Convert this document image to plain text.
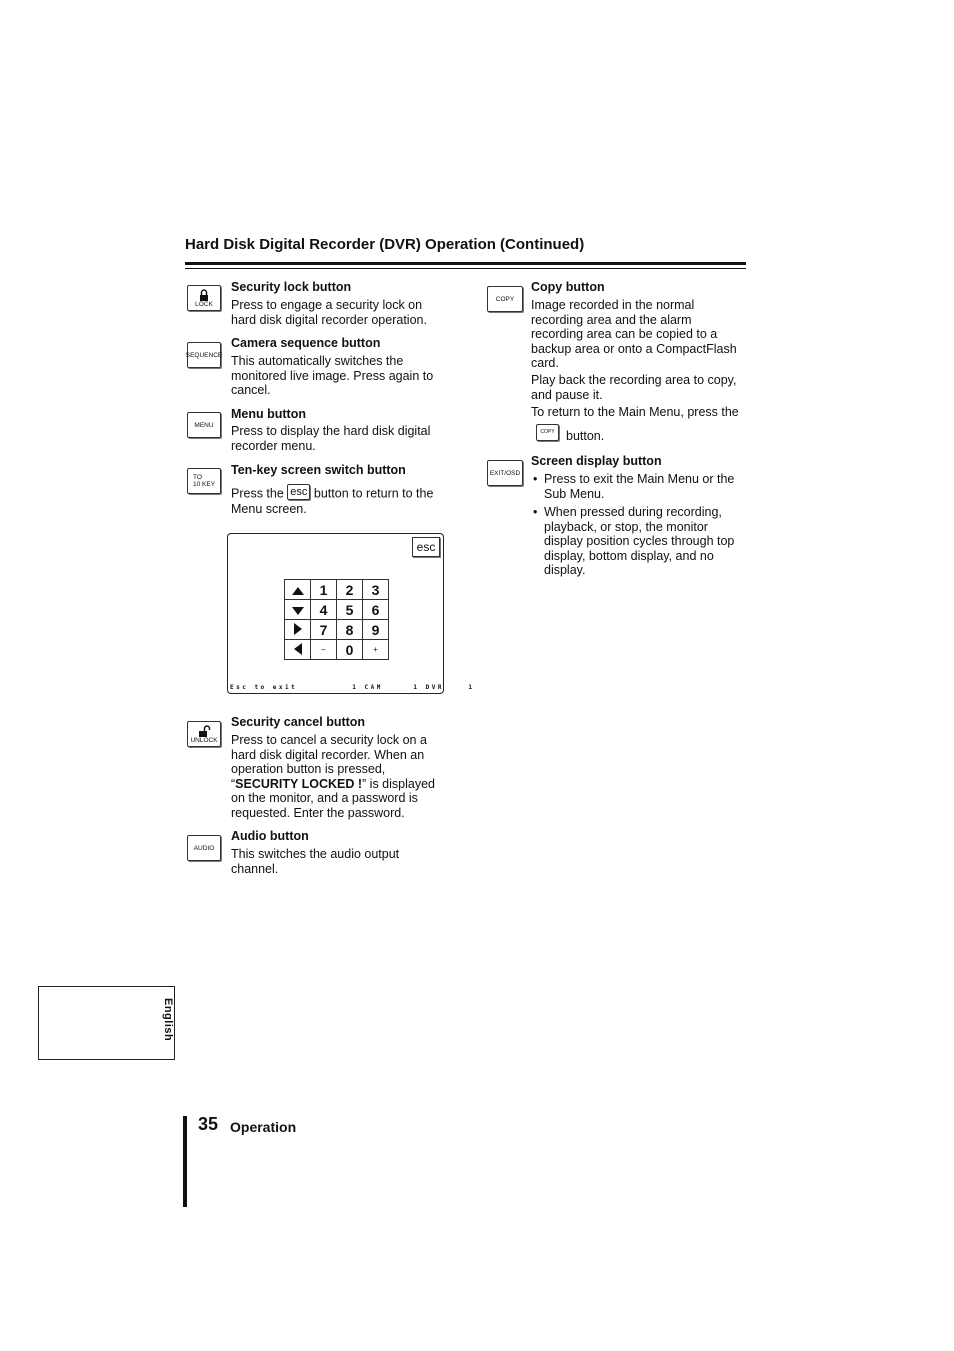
Hard Disk Digital Recorder (DVR) Operation (Continued)
LOCK
Security lock button
Press to engage a security lock on hard disk digital recorder operation.
SEQUENCE
Camera sequence button
This automatically switches the monitored live image. Press again to cancel.
MENU
Menu button
Press to display the hard disk digital recorder menu.
TO
10 KEY
Ten-key screen switch button
Press the esc button to return to the Menu screen.
esc
	1	2	3
	4	5	6
	7	8	9
	–	0	+
Esc to exit         1 CAM     1 DVR    1
UNLOCK
Security cancel button
Press to cancel a security lock on a hard disk digital recorder. When an operation button is pressed, “SECURITY LOCKED !” is displayed on the monitor, and a password is requested. Enter the password.
AUDIO
Audio button
This switches the audio output channel.
COPY
Copy button
Image recorded in the normal recording area and the alarm recording area can be copied to a backup area or onto a CompactFlash card.
Play back the recording area to copy, and pause it.
To return to the Main Menu, press the
COPY button.
EXIT/OSD
Screen display button
• Press to exit the Main Menu or the Sub Menu.
• When pressed during recording, playback, or stop, the monitor display position cycles through top display, bottom display, and no display.
English
35 Operation
